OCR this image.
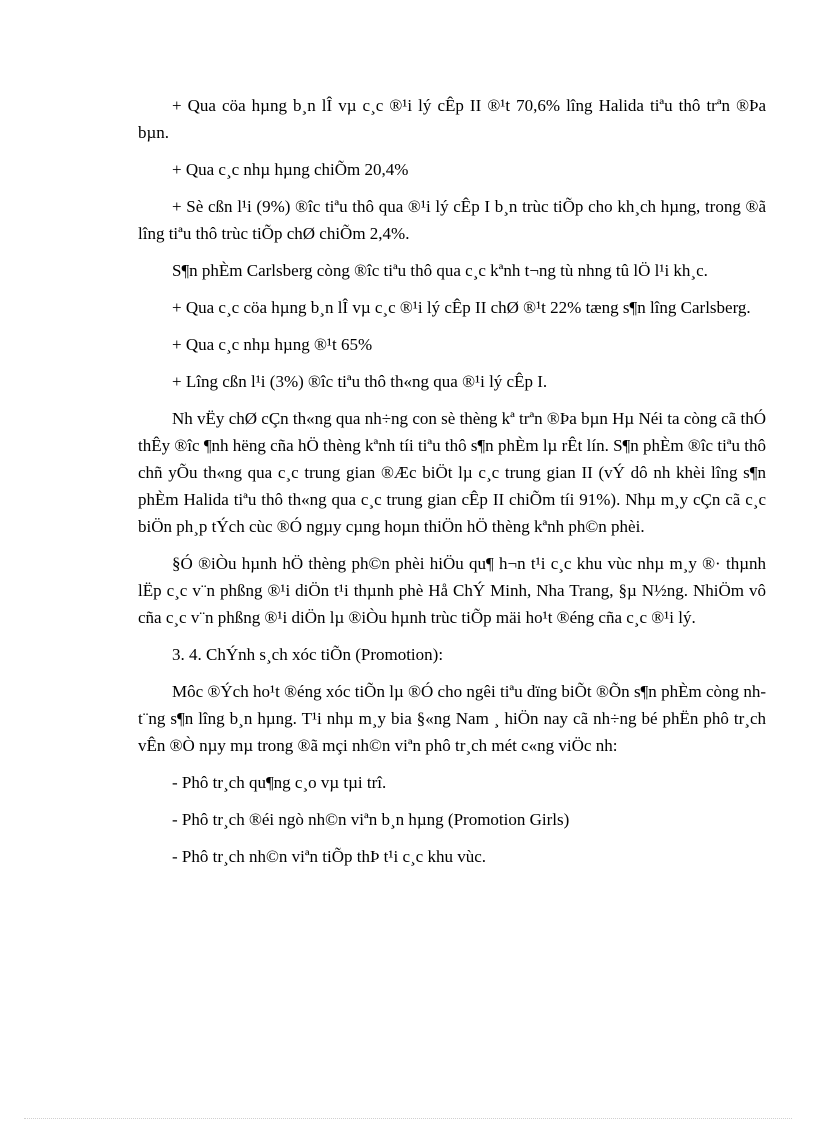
+ Qua cöa hµng b¸n lÎ vµ c¸c ®¹i lý cÊp II ®¹t 70,6% lîng Halida tiªu thô trªn ®Þa bµn.

+ Qua c¸c nhµ hµng chiÕm 20,4%

+ Sè cßn l¹i (9%) ®îc tiªu thô qua ®¹i lý cÊp I b¸n trùc tiÕp cho kh¸ch hµng, trong ®ã lîng tiªu thô trùc tiÕp chØ chiÕm 2,4%.

S¶n phÈm Carlsberg còng ®îc tiªu thô qua c¸c kªnh t¬ng tù nhng tû lÖ l¹i kh¸c.

+ Qua c¸c cöa hµng b¸n lÎ vµ c¸c ®¹i lý cÊp II chØ ®¹t 22% tæng s¶n lîng Carlsberg.

+ Qua c¸c nhµ hµng ®¹t 65%

+ Lîng cßn l¹i (3%) ®îc tiªu thô th«ng qua ®¹i lý cÊp I.

Nh vËy chØ cÇn th«ng qua nh÷ng con sè thèng kª trªn ®Þa bµn Hµ Néi ta còng cã thÓ thÊy ®îc ¶nh hëng cña hÖ thèng kªnh tíi tiªu thô s¶n phÈm lµ rÊt lín. S¶n phÈm ®îc tiªu thô chñ yÕu th«ng qua c¸c trung gian ®Æc biÖt lµ c¸c trung gian II (vÝ dô nh khèi lîng s¶n phÈm Halida tiªu thô th«ng qua c¸c trung gian cÊp II chiÕm tíi 91%). Nhµ m¸y cÇn cã c¸c biÖn ph¸p tÝch cùc ®Ó ngµy cµng hoµn thiÖn hÖ thèng kªnh ph©n phèi.

§Ó ®iÒu hµnh hÖ thèng ph©n phèi hiÖu qu¶ h¬n t¹i c¸c khu vùc nhµ m¸y ®· thµnh lËp c¸c v¨n phßng ®¹i diÖn t¹i thµnh phè Hå ChÝ Minh, Nha Trang, §µ N½ng. NhiÖm vô cña c¸c v¨n phßng ®¹i diÖn lµ ®iÒu hµnh trùc tiÕp mäi ho¹t ®éng cña c¸c ®¹i lý.

3. 4. ChÝnh s¸ch xóc tiÕn (Promotion):

Môc ®Ých ho¹t ®éng xóc tiÕn lµ ®Ó cho ngêi tiªu dïng biÕt ®Õn s¶n phÈm còng nh t¨ng s¶n lîng b¸n hµng. T¹i nhµ m¸y bia §«ng Nam ¸ hiÖn nay cã nh÷ng bé phËn phô tr¸ch vÊn ®Ò nµy mµ trong ®ã mçi nh©n viªn phô tr¸ch mét c«ng viÖc nh:

- Phô tr¸ch qu¶ng c¸o vµ tµi trî.

- Phô tr¸ch ®éi ngò nh©n viªn b¸n hµng (Promotion Girls)

- Phô tr¸ch nh©n viªn tiÕp thÞ t¹i c¸c khu vùc.
